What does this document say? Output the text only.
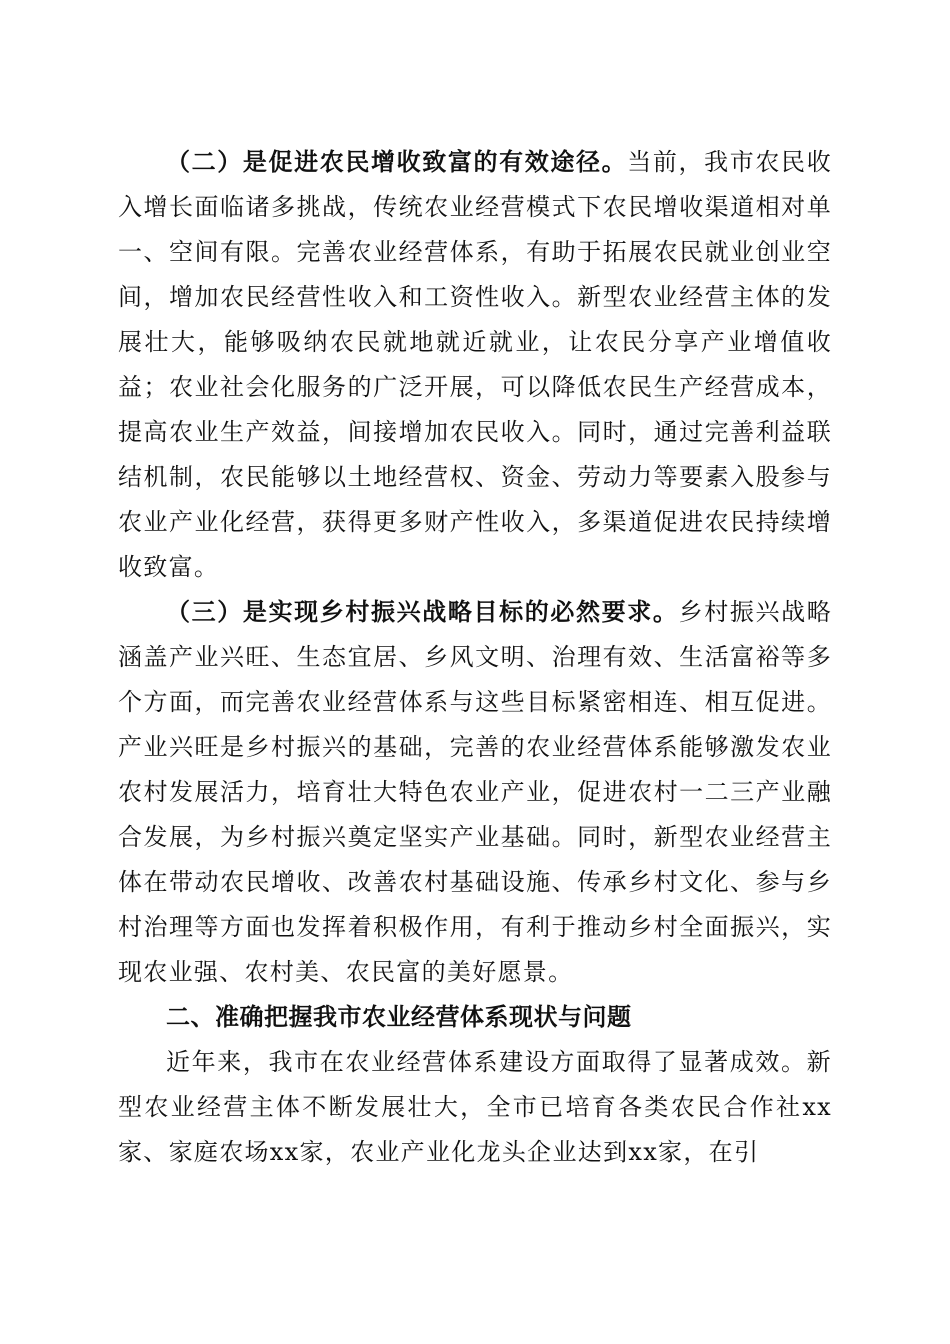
（二）是促进农民增收致富的有效途径。当前，我市农民收入增长面临诸多挑战，传统农业经营模式下农民增收渠道相对单一、空间有限。完善农业经营体系，有助于拓展农民就业创业空间，增加农民经营性收入和工资性收入。新型农业经营主体的发展壮大，能够吸纳农民就地就近就业，让农民分享产业增值收益；农业社会化服务的广泛开展，可以降低农民生产经营成本，提高农业生产效益，间接增加农民收入。同时，通过完善利益联结机制，农民能够以土地经营权、资金、劳动力等要素入股参与农业产业化经营，获得更多财产性收入，多渠道促进农民持续增收致富。

（三）是实现乡村振兴战略目标的必然要求。乡村振兴战略涵盖产业兴旺、生态宜居、乡风文明、治理有效、生活富裕等多个方面，而完善农业经营体系与这些目标紧密相连、相互促进。产业兴旺是乡村振兴的基础，完善的农业经营体系能够激发农业农村发展活力，培育壮大特色农业产业，促进农村一二三产业融合发展，为乡村振兴奠定坚实产业基础。同时，新型农业经营主体在带动农民增收、改善农村基础设施、传承乡村文化、参与乡村治理等方面也发挥着积极作用，有利于推动乡村全面振兴，实现农业强、农村美、农民富的美好愿景。

二、准确把握我市农业经营体系现状与问题

近年来，我市在农业经营体系建设方面取得了显著成效。新型农业经营主体不断发展壮大，全市已培育各类农民合作社xx家、家庭农场xx家，农业产业化龙头企业达到xx家，在引
